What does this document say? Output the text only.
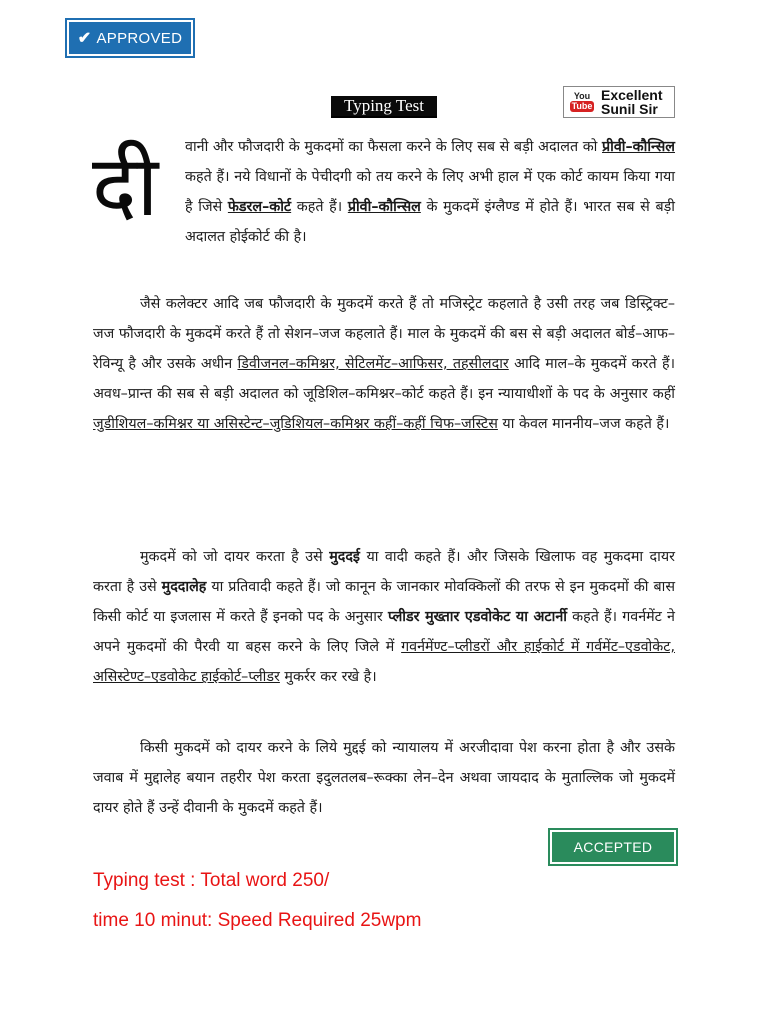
✔ APPROVED
Typing Test	You
Tube
Excellent
Sunil Sir
दी वानी और फौजदारी के मुकदमों का फैसला करने के लिए सब से बड़ी अदालत को प्रीवी–कौन्सिल कहते हैं। नये विधानों के पेचीदगी को तय करने के लिए अभी हाल में एक कोर्ट कायम किया गया है जिसे फेडरल–कोर्ट कहते हैं। प्रीवी–कौन्सिल के मुकदमें इंग्लैण्ड में होते हैं। भारत सब से बड़ी अदालत होईकोर्ट की है।
जैसे कलेक्टर आदि जब फौजदारी के मुकदमें करते हैं तो मजिस्ट्रेट कहलाते है उसी तरह जब डिस्ट्रिक्ट–जज फौजदारी के मुकदमें करते हैं तो सेशन–जज कहलाते हैं। माल के मुकदमें की बस से बड़ी अदालत बोर्ड–आफ–रेविन्यू है और उसके अधीन डिवीजनल–कमिश्नर, सेटिलमेंट–आफिसर, तहसीलदार आदि माल–के मुकदमें करते हैं। अवध–प्रान्त की सब से बड़ी अदालत को जूडिशिल–कमिश्नर–कोर्ट कहते हैं। इन न्यायाधीशों के पद के अनुसार कहीं जुडीशियल–कमिश्नर या असिस्टेन्ट–जुडिशियल–कमिश्नर कहीं–कहीं चिफ–जस्टिस या केवल माननीय–जज कहते हैं।
मुकदमें को जो दायर करता है उसे मुददई या वादी कहते हैं। और जिसके खिलाफ वह मुकदमा दायर करता है उसे मुददालेह या प्रतिवादी कहते हैं। जो कानून के जानकार मोवक्किलों की तरफ से इन मुकदमों की बास किसी कोर्ट या इजलास में करते हैं इनको पद के अनुसार प्लीडर मुख्तार एडवोकेट या अटार्नी कहते हैं। गवर्नमेंट ने अपने मुकदमों की पैरवी या बहस करने के लिए जिले में गवर्नमेंण्ट–प्लीडरों और हाईकोर्ट में गर्वमेंट–एडवोकेट, असिस्टेण्ट–एडवोकेट हाईकोर्ट–प्लीडर मुकर्रर कर रखे है।
किसी मुकदमें को दायर करने के लिये मुद्दई को न्यायालय में अरजीदावा पेश करना होता है और उसके जवाब में मुद्दालेह बयान तहरीर पेश करता इदुलतलब–रूक्का लेन–देन अथवा जायदाद के मुताल्लिक जो मुकदमें दायर होते हैं उन्हें दीवानी के मुकदमें कहते हैं।
ACCEPTED
Typing test : Total word 250/
time 10 minut: Speed Required 25wpm
